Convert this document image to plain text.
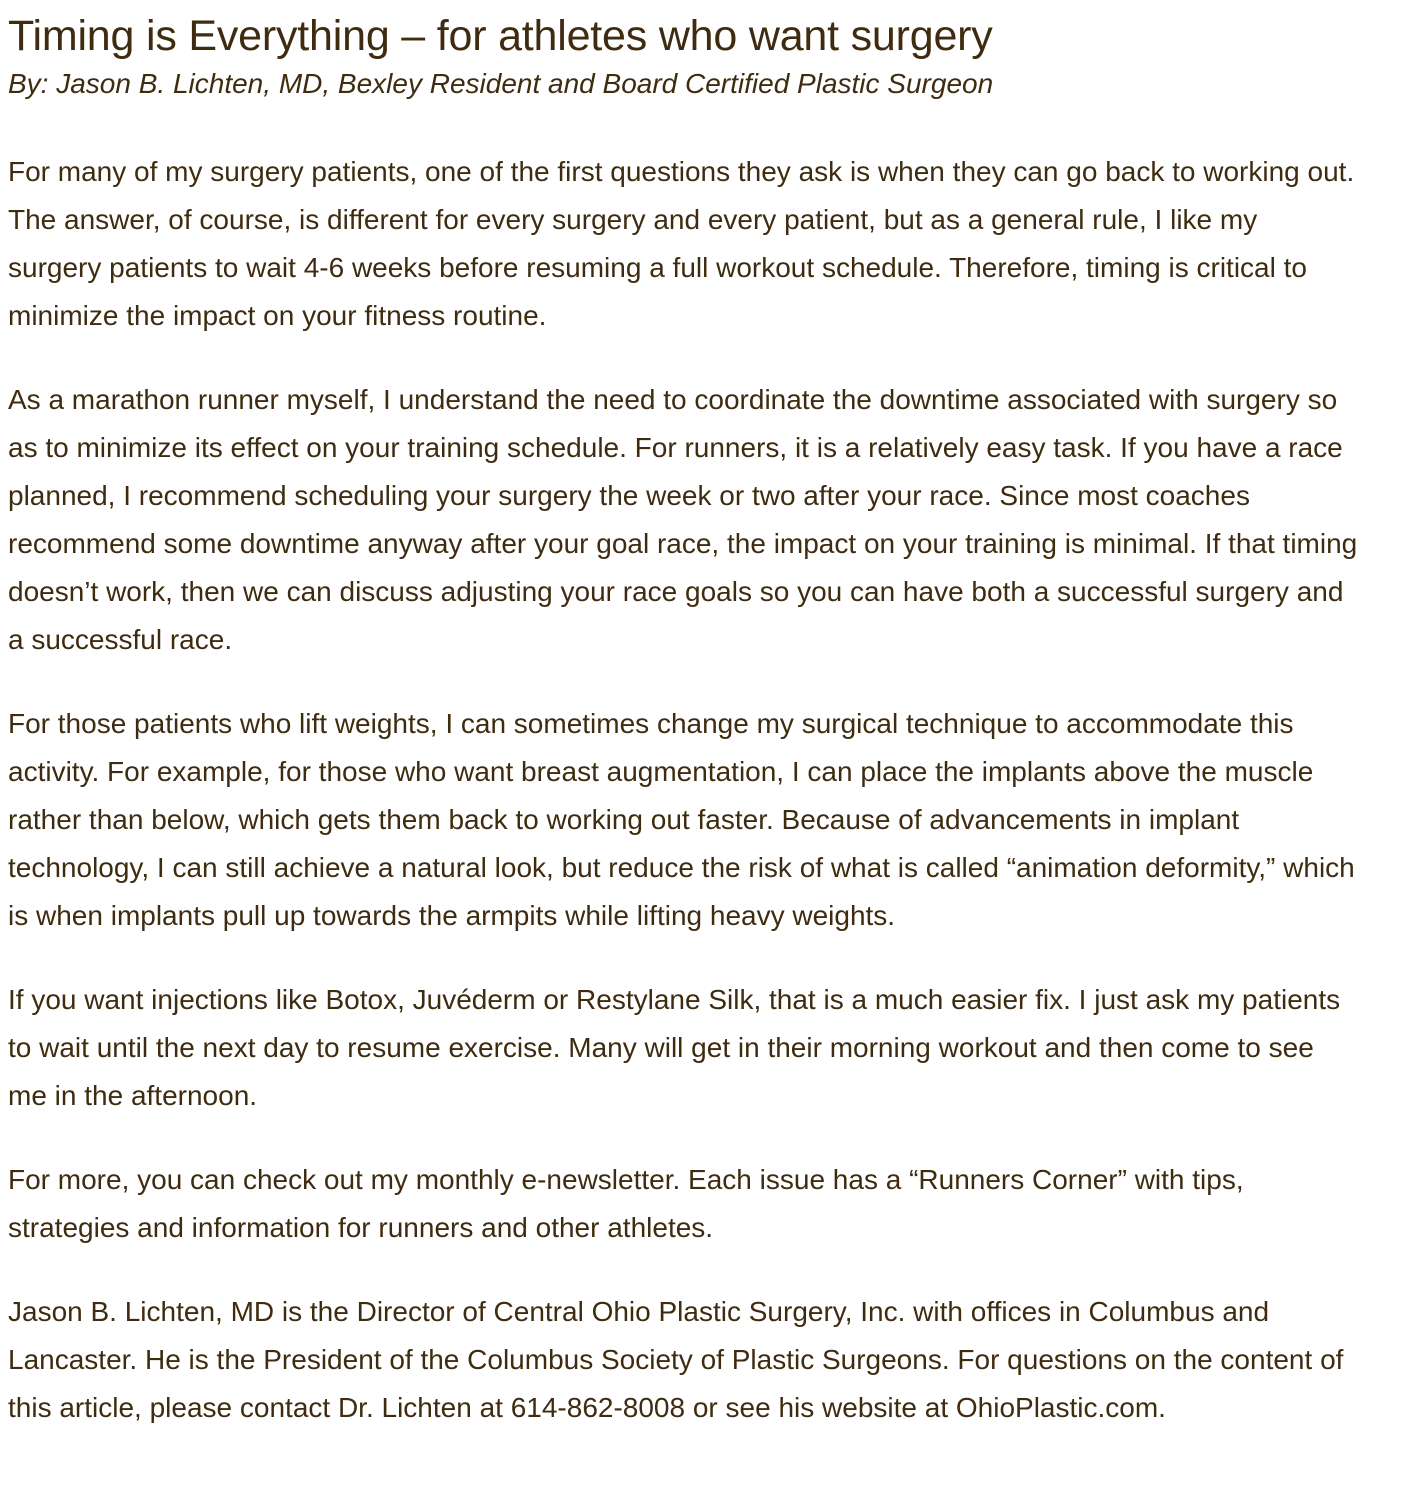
Timing is Everything – for athletes who want surgery

By: Jason B. Lichten, MD, Bexley Resident and Board Certified Plastic Surgeon

For many of my surgery patients, one of the first questions they ask is when they can go back to working out. The answer, of course, is different for every surgery and every patient, but as a general rule, I like my surgery patients to wait 4-6 weeks before resuming a full workout schedule. Therefore, timing is critical to minimize the impact on your fitness routine.

As a marathon runner myself, I understand the need to coordinate the downtime associated with surgery so as to minimize its effect on your training schedule. For runners, it is a relatively easy task. If you have a race planned, I recommend scheduling your surgery the week or two after your race. Since most coaches recommend some downtime anyway after your goal race, the impact on your training is minimal. If that timing doesn’t work, then we can discuss adjusting your race goals so you can have both a successful surgery and a successful race.

For those patients who lift weights, I can sometimes change my surgical technique to accommodate this activity. For example, for those who want breast augmentation, I can place the implants above the muscle rather than below, which gets them back to working out faster. Because of advancements in implant technology, I can still achieve a natural look, but reduce the risk of what is called “animation deformity,” which is when implants pull up towards the armpits while lifting heavy weights.

If you want injections like Botox, Juvéderm or Restylane Silk, that is a much easier fix. I just ask my patients to wait until the next day to resume exercise. Many will get in their morning workout and then come to see me in the afternoon.

For more, you can check out my monthly e-newsletter. Each issue has a “Runners Corner” with tips, strategies and information for runners and other athletes.

Jason B. Lichten, MD is the Director of Central Ohio Plastic Surgery, Inc. with offices in Columbus and Lancaster. He is the President of the Columbus Society of Plastic Surgeons. For questions on the content of this article, please contact Dr. Lichten at 614-862-8008 or see his website at OhioPlastic.com.
